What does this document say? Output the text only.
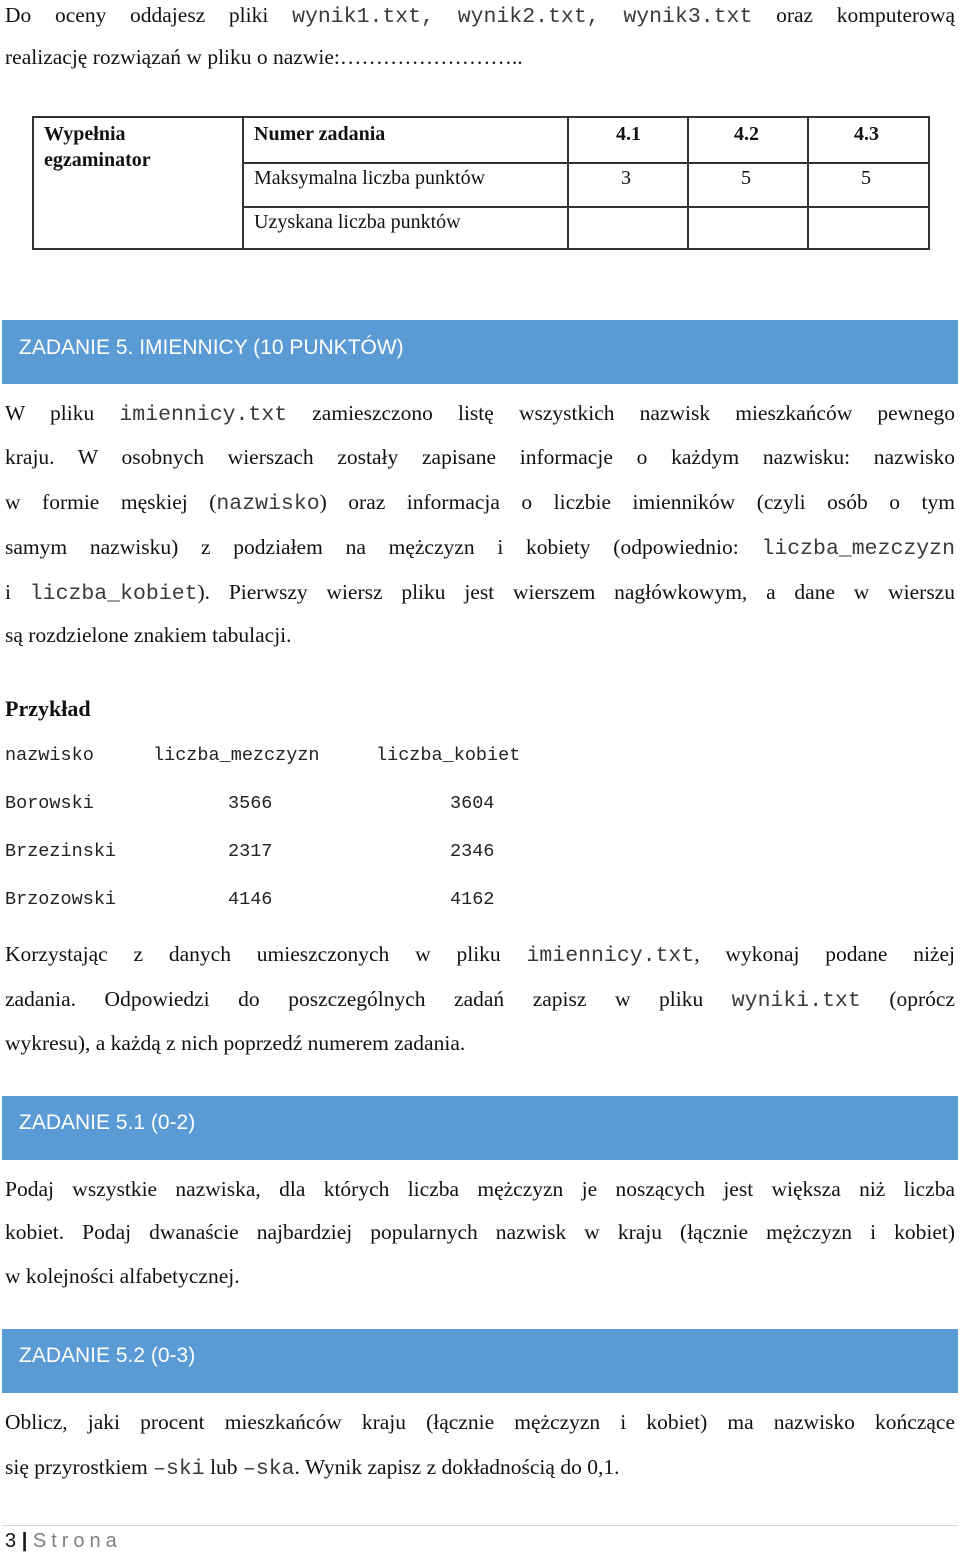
Do oceny oddajesz pliki wynik1.txt, wynik2.txt, wynik3.txt oraz komputerową
realizację rozwiązań w pliku o nazwie:……………………..
Wypełnia
egzaminator
Numer zadania	4.1	4.2	4.3
Maksymalna liczba punktów	3	5	5
Uzyskana liczba punktów
ZADANIE 5. IMIENNICY (10 PUNKTÓW)
W pliku imiennicy.txt zamieszczono listę wszystkich nazwisk mieszkańców pewnego
kraju. W osobnych wierszach zostały zapisane informacje o każdym nazwisku: nazwisko
w formie męskiej (nazwisko) oraz informacja o liczbie imienników (czyli osób o tym
samym nazwisku) z podziałem na mężczyzn i kobiety (odpowiednio: liczba_mezczyzn
i liczba_kobiet). Pierwszy wiersz pliku jest wierszem nagłówkowym, a dane w wierszu
są rozdzielone znakiem tabulacji.
Przykład
nazwisko	liczba_mezczyzn	liczba_kobiet
Borowski	3566	3604
Brzezinski	2317	2346
Brzozowski	4146	4162
Korzystając z danych umieszczonych w pliku imiennicy.txt, wykonaj podane niżej
zadania. Odpowiedzi do poszczególnych zadań zapisz w pliku wyniki.txt (oprócz
wykresu), a każdą z nich poprzedź numerem zadania.
ZADANIE 5.1 (0-2)
Podaj wszystkie nazwiska, dla których liczba mężczyzn je noszących jest większa niż liczba
kobiet. Podaj dwanaście najbardziej popularnych nazwisk w kraju (łącznie mężczyzn i kobiet)
w kolejności alfabetycznej.
ZADANIE 5.2 (0-3)
Oblicz, jaki procent mieszkańców kraju (łącznie mężczyzn i kobiet) ma nazwisko kończące
się przyrostkiem –ski lub –ska. Wynik zapisz z dokładnością do 0,1.
3 | Strona
